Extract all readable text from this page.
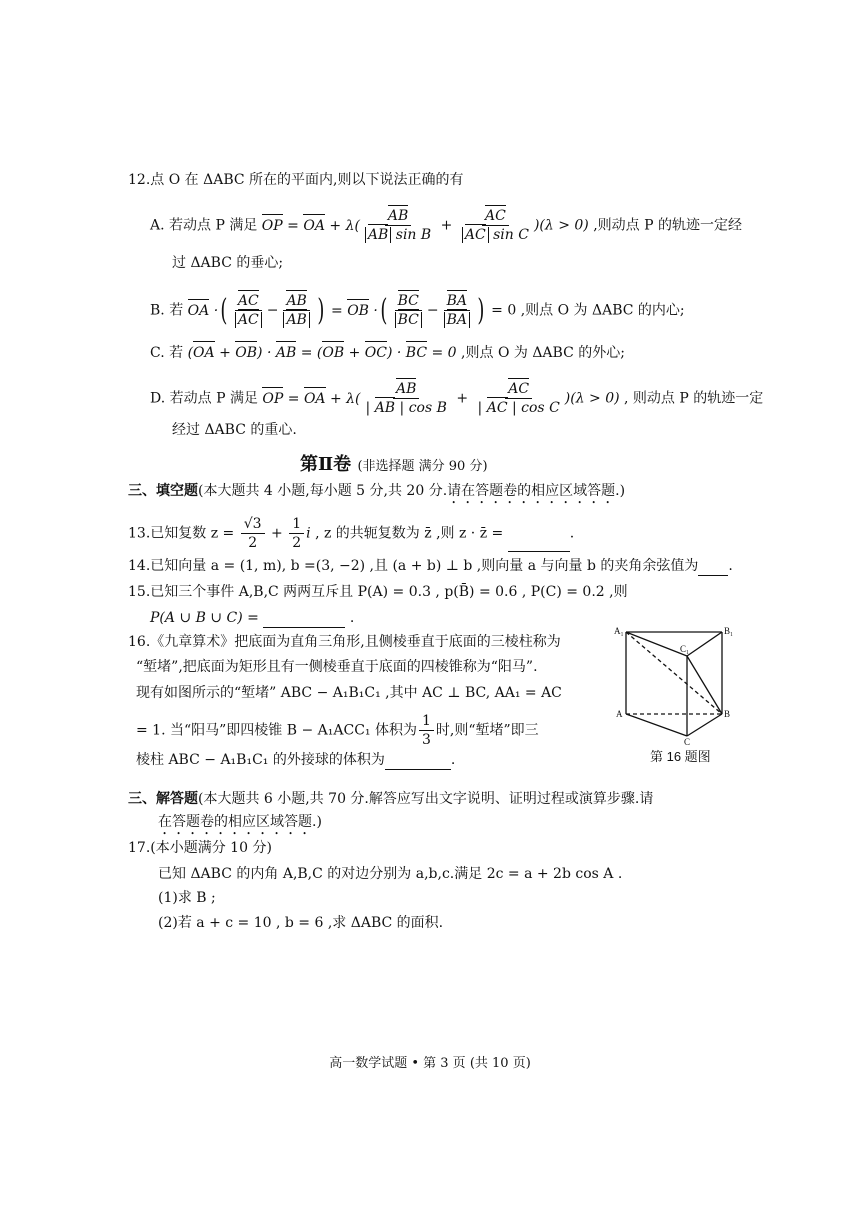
12.点 O 在 ΔABC 所在的平面内,则以下说法正确的有
A. 若动点 P 满足 OP = OA + $\lambda( \frac{AB}{\text{AB sin B}} + \frac{AC}{\text{AC sin C}} )(\lambda > 0)$ ,则动点 P 的轨迹一定经
过 ΔABC 的垂心;
B. 若 OA ·( $\frac{AC}{AC} - \frac{AB}{AB}$ ) = OB ·( $\frac{BC}{BC} - \frac{BA}{BA}$ ) = 0 ,则点 O 为 ΔABC 的内心;
C. 若 (OA + OB) · AB = (OB + OC) · BC = 0 ,则点 O 为 ΔABC 的外心;
D. 若动点 P 满足 OP = OA + $\lambda( \frac{AB}{\text{| AB | cos B}} + \frac{AC}{\text{| AC | cos C}} )(\lambda > 0)$ , 则动点 P 的轨迹一定
经过 ΔABC 的重心.
第Ⅱ卷 (非选择题 满分 90 分)
三、填空题(本大题共 4 小题,每小题 5 分,共 20 分.请在答题卷的相应区域答题.)
13.已知复数 $z = \frac{√3}{2} + \frac{1}{2}$ i , z 的共轭复数为 z̄ ,则 z · z̄ =	.
14.已知向量 a = (1, m), b =(3, −2) ,且 (a + b) ⊥ b ,则向量 a 与向量 b 的夹角余弦值为 .
15.已知三个事件 A,B,C 两两互斥且 P(A) = 0.3 , p(B̄) = 0.6 , P(C) = 0.2 ,则
P(A ∪ B ∪ C) =	.
16.《九章算术》把底面为直角三角形,且侧棱垂直于底面的三棱柱称为
“堑堵”,把底面为矩形且有一侧棱垂直于底面的四棱锥称为“阳马”.
现有如图所示的“堑堵” ABC − A₁B₁C₁ ,其中 AC ⊥ BC, AA₁ = AC
= 1. 当“阳马”即四棱锥 B − A₁ACC₁ 体积为 $\frac{1}{3}$ 时,则“堑堵”即三
棱柱 ABC − A₁B₁C₁ 的外接球的体积为	.
A₁	B₁
C₁
A	B
C
第 16 题图
三、解答题(本大题共 6 小题,共 70 分.解答应写出文字说明、证明过程或演算步骤.请
在答题卷的相应区域答题.)
17.(本小题满分 10 分)
已知 ΔABC 的内角 A,B,C 的对边分别为 a,b,c.满足 2c = a + 2b cos A .
(1)求 B ;
(2)若 a + c = 10 , b = 6 ,求 ΔABC 的面积.
高一数学试题 • 第 3 页 (共 10 页)
